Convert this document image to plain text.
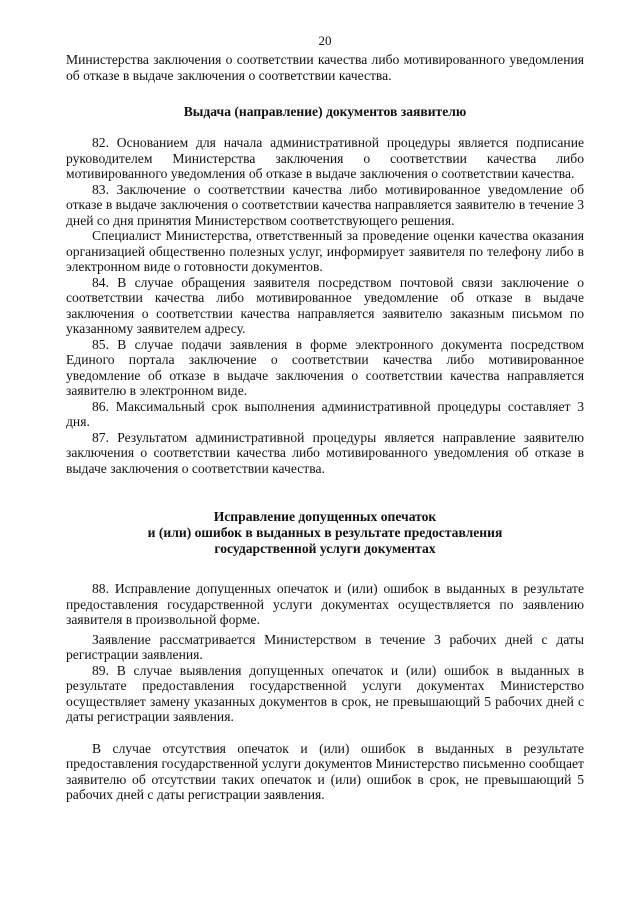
20

Министерства заключения о соответствии качества либо мотивированного уведомления об отказе в выдаче заключения о соответствии качества.

Выдача (направление) документов заявителю

82. Основанием для начала административной процедуры является подписание руководителем Министерства заключения о соответствии качества либо мотивированного уведомления об отказе в выдаче заключения о соответствии качества.

83. Заключение о соответствии качества либо мотивированное уведомление об отказе в выдаче заключения о соответствии качества направляется заявителю в течение 3 дней со дня принятия Министерством соответствующего решения.

Специалист Министерства, ответственный за проведение оценки качества оказания организацией общественно полезных услуг, информирует заявителя по телефону либо в электронном виде о готовности документов.

84. В случае обращения заявителя посредством почтовой связи заключение о соответствии качества либо мотивированное уведомление об отказе в выдаче заключения о соответствии качества направляется заявителю заказным письмом по указанному заявителем адресу.

85. В случае подачи заявления в форме электронного документа посредством Единого портала заключение о соответствии качества либо мотивированное уведомление об отказе в выдаче заключения о соответствии качества направляется заявителю в электронном виде.

86. Максимальный срок выполнения административной процедуры составляет 3 дня.

87. Результатом административной процедуры является направление заявителю заключения о соответствии качества либо мотивированного уведомления об отказе в выдаче заключения о соответствии качества.

Исправление допущенных опечаток
и (или) ошибок в выданных в результате предоставления
государственной услуги документах

88. Исправление допущенных опечаток и (или) ошибок в выданных в результате предоставления государственной услуги документах осуществляется по заявлению заявителя в произвольной форме.

Заявление рассматривается Министерством в течение 3 рабочих дней с даты регистрации заявления.

89. В случае выявления допущенных опечаток и (или) ошибок в выданных в результате предоставления государственной услуги документах Министерство осуществляет замену указанных документов в срок, не превышающий 5 рабочих дней с даты регистрации заявления.

В случае отсутствия опечаток и (или) ошибок в выданных в результате предоставления государственной услуги документов Министерство письменно сообщает заявителю об отсутствии таких опечаток и (или) ошибок в срок, не превышающий 5 рабочих дней с даты регистрации заявления.
